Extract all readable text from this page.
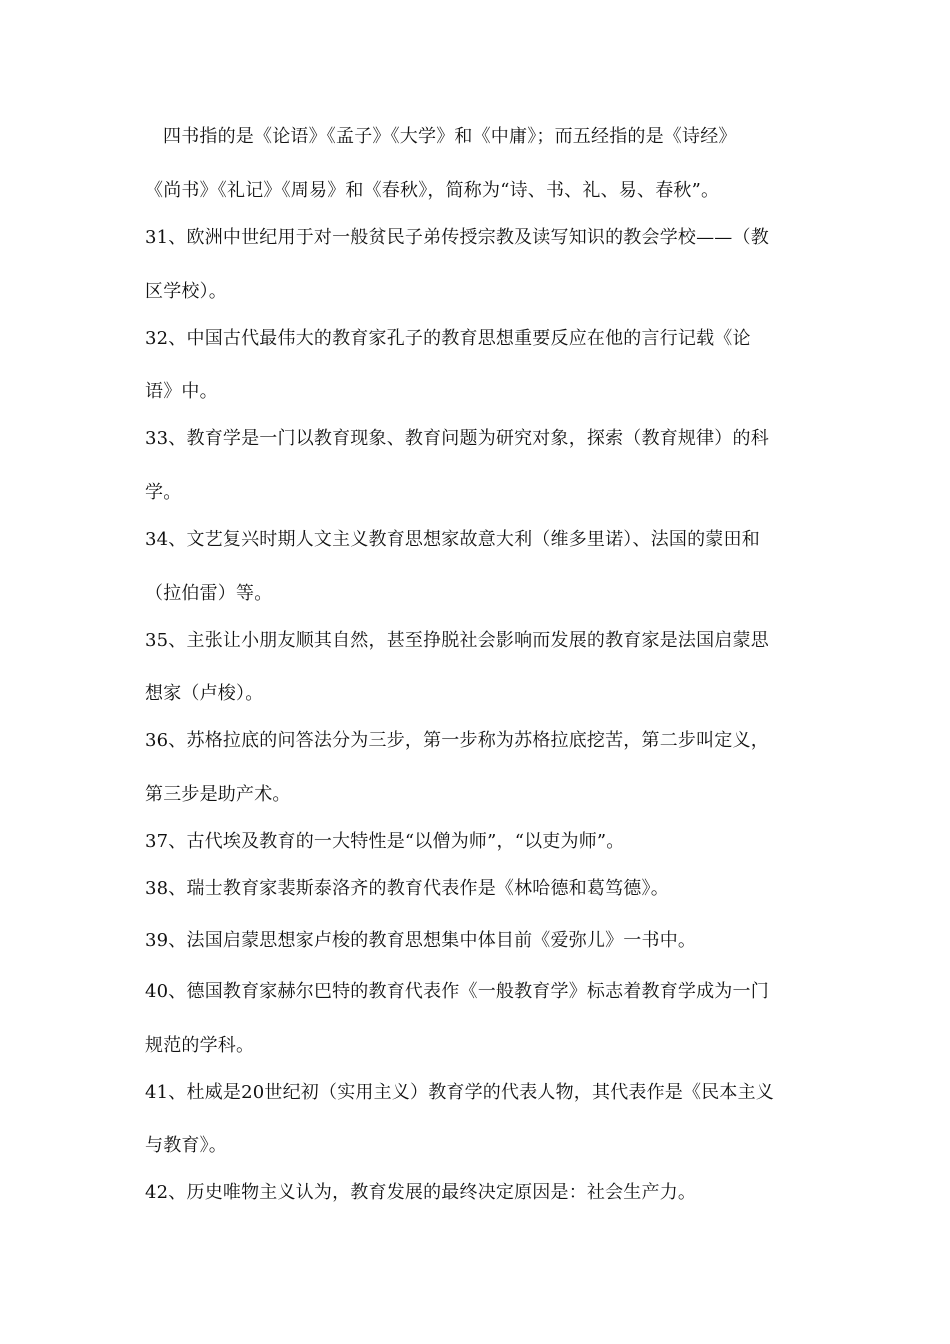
四书指的是《论语》《孟子》《大学》和《中庸》；而五经指的是《诗经》
《尚书》《礼记》《周易》和《春秋》，简称为“诗、书、礼、易、春秋”。
31、欧洲中世纪用于对一般贫民子弟传授宗教及读写知识的教会学校——（教
区学校）。
32、中国古代最伟大的教育家孔子的教育思想重要反应在他的言行记载《论
语》中。
33、教育学是一门以教育现象、教育问题为研究对象，探索（教育规律）的科
学。
34、文艺复兴时期人文主义教育思想家故意大利（维多里诺）、法国的蒙田和
（拉伯雷）等。
35、主张让小朋友顺其自然，甚至挣脱社会影响而发展的教育家是法国启蒙思
想家（卢梭）。
36、苏格拉底的问答法分为三步，第一步称为苏格拉底挖苦，第二步叫定义，
第三步是助产术。
37、古代埃及教育的一大特性是“以僧为师”，“以吏为师”。
38、瑞士教育家裴斯泰洛齐的教育代表作是《林哈德和葛笃德》。
39、法国启蒙思想家卢梭的教育思想集中体目前《爱弥儿》一书中。
40、德国教育家赫尔巴特的教育代表作《一般教育学》标志着教育学成为一门
规范的学科。
41、杜威是20世纪初（实用主义）教育学的代表人物，其代表作是《民本主义
与教育》。
42、历史唯物主义认为，教育发展的最终决定原因是：社会生产力。
